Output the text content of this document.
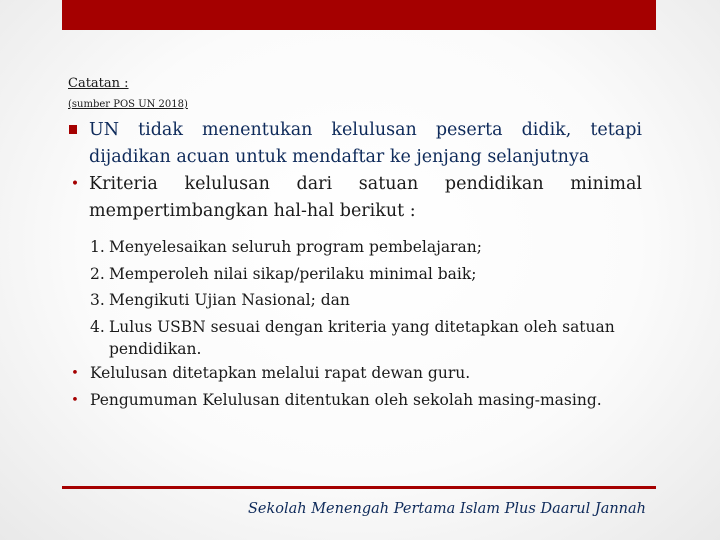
Catatan :
(sumber POS UN 2018)
UN tidak menentukan kelulusan peserta didik, tetapi dijadikan acuan untuk mendaftar ke jenjang selanjutnya
• Kriteria kelulusan dari satuan pendidikan minimal mempertimbangkan hal-hal berikut :
1. Menyelesaikan seluruh program pembelajaran;
2. Memperoleh nilai sikap/perilaku minimal baik;
3. Mengikuti Ujian Nasional; dan
4. Lulus USBN sesuai dengan kriteria yang ditetapkan oleh satuan pendidikan.
• Kelulusan ditetapkan melalui rapat dewan guru.
• Pengumuman Kelulusan ditentukan oleh sekolah masing-masing.
Sekolah Menengah Pertama Islam Plus Daarul Jannah
